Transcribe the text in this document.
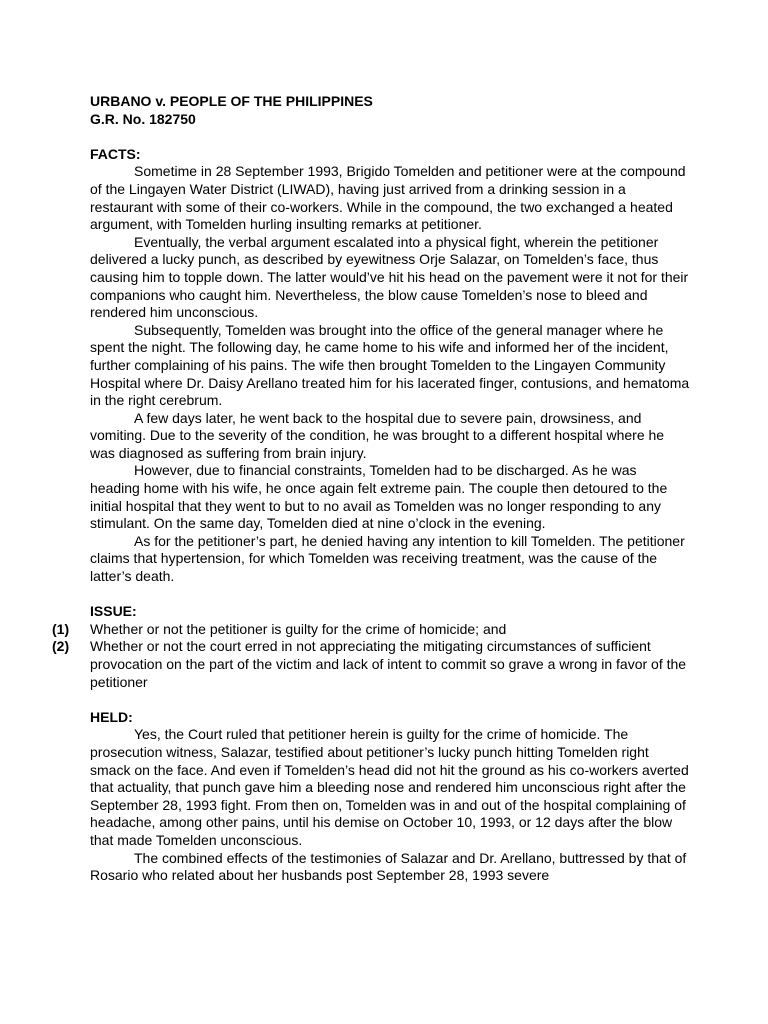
URBANO v. PEOPLE OF THE PHILIPPINES

G.R. No. 182750

FACTS:

Sometime in 28 September 1993, Brigido Tomelden and petitioner were at the compound of the Lingayen Water District (LIWAD), having just arrived from a drinking session in a restaurant with some of their co-workers. While in the compound, the two exchanged a heated argument, with Tomelden hurling insulting remarks at petitioner.

Eventually, the verbal argument escalated into a physical fight, wherein the petitioner delivered a lucky punch, as described by eyewitness Orje Salazar, on Tomelden’s face, thus causing him to topple down. The latter would’ve hit his head on the pavement were it not for their companions who caught him. Nevertheless, the blow cause Tomelden’s nose to bleed and rendered him unconscious.

Subsequently, Tomelden was brought into the office of the general manager where he spent the night. The following day, he came home to his wife and informed her of the incident, further complaining of his pains. The wife then brought Tomelden to the Lingayen Community Hospital where Dr. Daisy Arellano treated him for his lacerated finger, contusions, and hematoma in the right cerebrum.

A few days later, he went back to the hospital due to severe pain, drowsiness, and vomiting. Due to the severity of the condition, he was brought to a different hospital where he was diagnosed as suffering from brain injury.

However, due to financial constraints, Tomelden had to be discharged. As he was heading home with his wife, he once again felt extreme pain. The couple then detoured to the initial hospital that they went to but to no avail as Tomelden was no longer responding to any stimulant. On the same day, Tomelden died at nine o’clock in the evening.

As for the petitioner’s part, he denied having any intention to kill Tomelden. The petitioner claims that hypertension, for which Tomelden was receiving treatment, was the cause of the latter’s death.

ISSUE:

(1)	Whether or not the petitioner is guilty for the crime of homicide; and
(2)	Whether or not the court erred in not appreciating the mitigating circumstances of sufficient provocation on the part of the victim and lack of intent to commit so grave a wrong in favor of the petitioner

HELD:

Yes, the Court ruled that petitioner herein is guilty for the crime of homicide. The prosecution witness, Salazar, testified about petitioner’s lucky punch hitting Tomelden right smack on the face. And even if Tomelden’s head did not hit the ground as his co-workers averted that actuality, that punch gave him a bleeding nose and rendered him unconscious right after the September 28, 1993 fight. From then on, Tomelden was in and out of the hospital complaining of headache, among other pains, until his demise on October 10, 1993, or 12 days after the blow that made Tomelden unconscious.

The combined effects of the testimonies of Salazar and Dr. Arellano, buttressed by that of Rosario who related about her husbands post September 28, 1993 severe
